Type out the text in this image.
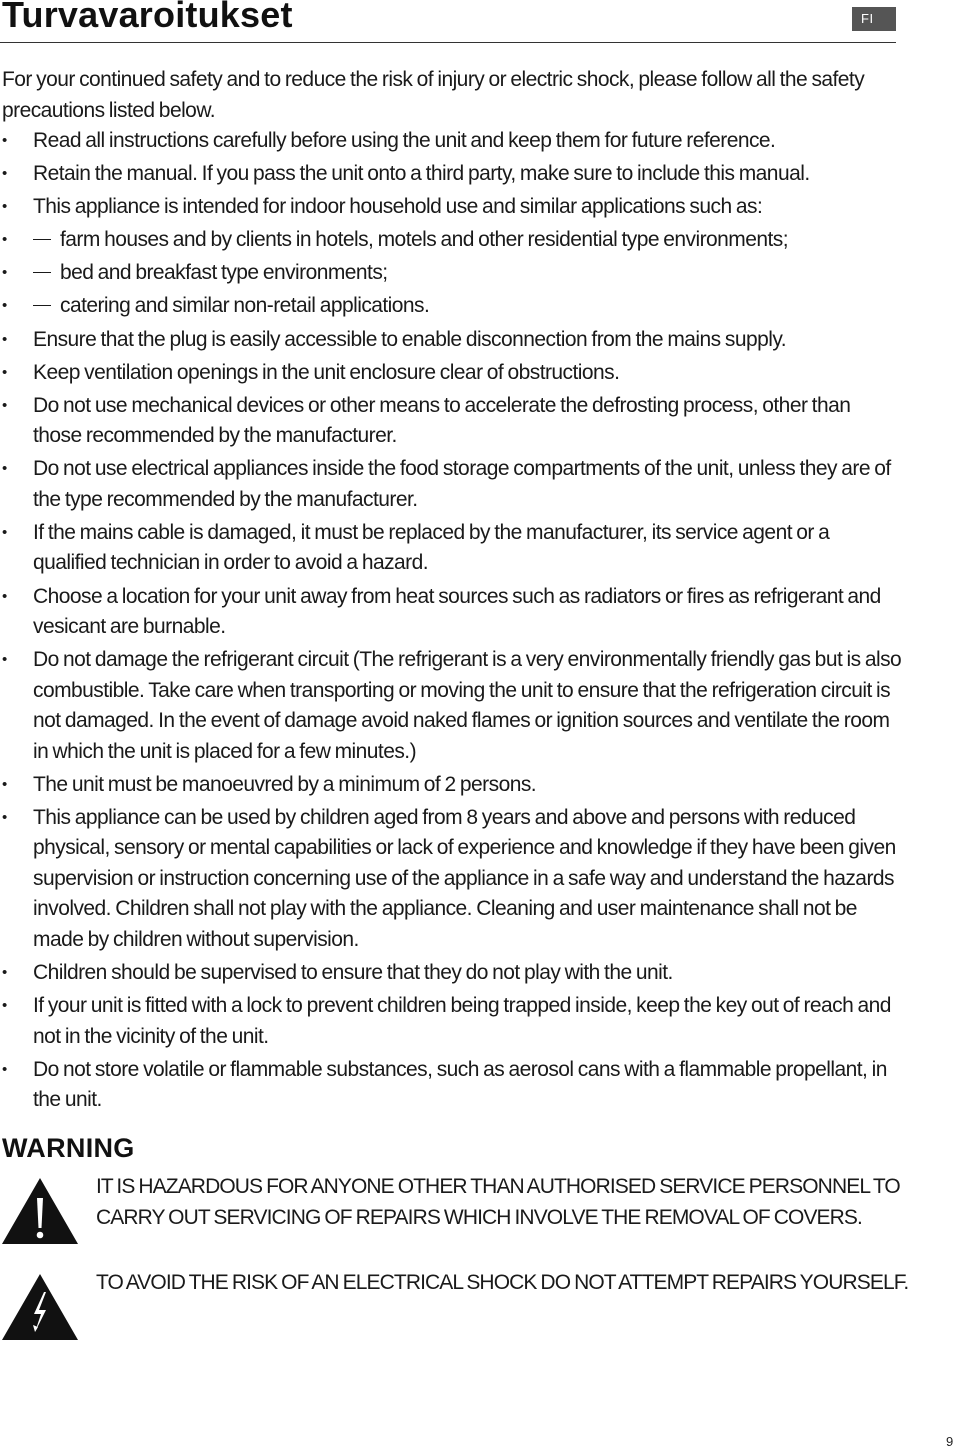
Turvavaroitukset	FI

For your continued safety and to reduce the risk of injury or electric shock, please follow all the safety precautions listed below.

• Read all instructions carefully before using the unit and keep them for future reference.
• Retain the manual. If you pass the unit onto a third party, make sure to include this manual.
• This appliance is intended for indoor household use and similar applications such as:
•	farm houses and by clients in hotels, motels and other residential type environments;
•	bed and breakfast type environments;
•	catering and similar non-retail applications.
• Ensure that the plug is easily accessible to enable disconnection from the mains supply.
• Keep ventilation openings in the unit enclosure clear of obstructions.
• Do not use mechanical devices or other means to accelerate the defrosting process, other than those recommended by the manufacturer.
• Do not use electrical appliances inside the food storage compartments of the unit, unless they are of the type recommended by the manufacturer.
• If the mains cable is damaged, it must be replaced by the manufacturer, its service agent or a qualified technician in order to avoid a hazard.
• Choose a location for your unit away from heat sources such as radiators or fires as refrigerant and vesicant are burnable.
• Do not damage the refrigerant circuit (The refrigerant is a very environmentally friendly gas but is also combustible. Take care when transporting or moving the unit to ensure that the refrigeration circuit is not damaged. In the event of damage avoid naked flames or ignition sources and ventilate the room in which the unit is placed for a few minutes.)
• The unit must be manoeuvred by a minimum of 2 persons.
• This appliance can be used by children aged from 8 years and above and persons with reduced physical, sensory or mental capabilities or lack of experience and knowledge if they have been given supervision or instruction concerning use of the appliance in a safe way and understand the hazards involved. Children shall not play with the appliance. Cleaning and user maintenance shall not be made by children without supervision.
• Children should be supervised to ensure that they do not play with the unit.
• If your unit is fitted with a lock to prevent children being trapped inside, keep the key out of reach and not in the vicinity of the unit.
• Do not store volatile or flammable substances, such as aerosol cans with a flammable propellant, in the unit.
WARNING
IT IS HAZARDOUS FOR ANYONE OTHER THAN AUTHORISED SERVICE PERSONNEL TO CARRY OUT SERVICING OF REPAIRS WHICH INVOLVE THE REMOVAL OF COVERS.
TO AVOID THE RISK OF AN ELECTRICAL SHOCK DO NOT ATTEMPT REPAIRS YOURSELF.
9
